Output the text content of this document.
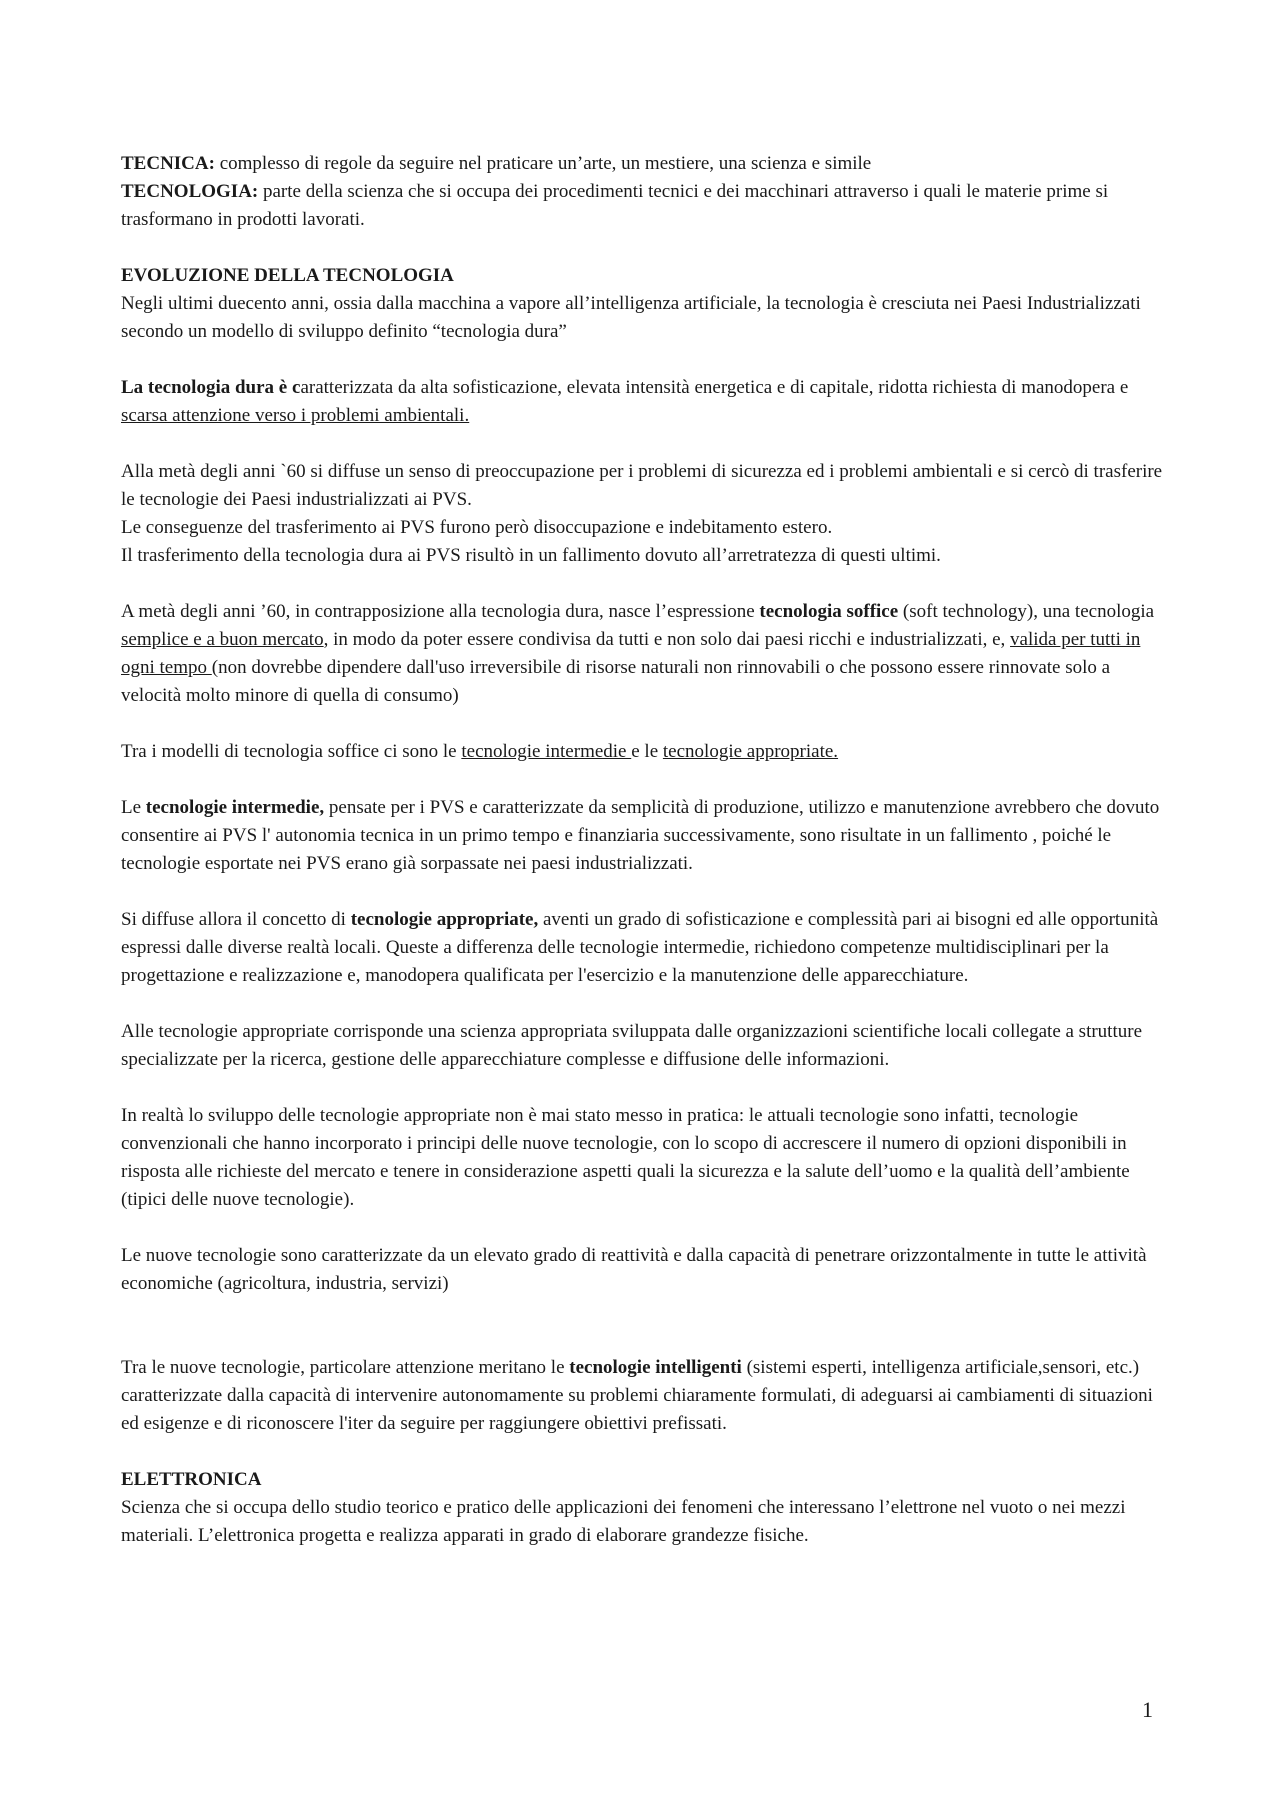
TECNICA: complesso di regole da seguire nel praticare un’arte, un mestiere, una scienza e simile

TECNOLOGIA: parte della scienza che si occupa dei procedimenti tecnici e dei macchinari attraverso i quali le materie prime si trasformano in prodotti lavorati.

EVOLUZIONE DELLA TECNOLOGIA

Negli ultimi duecento anni, ossia dalla macchina a vapore all’intelligenza artificiale, la tecnologia è cresciuta nei Paesi Industrializzati secondo un modello di sviluppo definito “tecnologia dura”

La tecnologia dura è caratterizzata da alta sofisticazione, elevata intensità energetica e di capitale, ridotta richiesta di manodopera e scarsa attenzione verso i problemi ambientali.

Alla metà degli anni `60 si diffuse un senso di preoccupazione per i problemi di sicurezza ed i problemi ambientali e si cercò di trasferire le tecnologie dei Paesi industrializzati ai PVS.

Le conseguenze del trasferimento ai PVS furono però disoccupazione e indebitamento estero.

Il trasferimento della tecnologia dura ai PVS risultò in un fallimento dovuto all’arretratezza di questi ultimi.

A metà degli anni ’60, in contrapposizione alla tecnologia dura, nasce l’espressione tecnologia soffice (soft technology), una tecnologia semplice e a buon mercato, in modo da poter essere condivisa da tutti e non solo dai paesi ricchi e industrializzati, e, valida per tutti in ogni tempo (non dovrebbe dipendere dall'uso irreversibile di risorse naturali non rinnovabili o che possono essere rinnovate solo a velocità molto minore di quella di consumo)

Tra i modelli di tecnologia soffice ci sono le tecnologie intermedie e le tecnologie appropriate.

Le tecnologie intermedie, pensate per i PVS e caratterizzate da semplicità di produzione, utilizzo e manutenzione avrebbero che dovuto consentire ai PVS l' autonomia tecnica in un primo tempo e finanziaria successivamente, sono risultate in un fallimento , poiché le tecnologie esportate nei PVS erano già sorpassate nei paesi industrializzati.

Si diffuse allora il concetto di tecnologie appropriate, aventi un grado di sofisticazione e complessità pari ai bisogni ed alle opportunità espressi dalle diverse realtà locali. Queste a differenza delle tecnologie intermedie, richiedono competenze multidisciplinari per la progettazione e realizzazione e, manodopera qualificata per l'esercizio e la manutenzione delle apparecchiature.

Alle tecnologie appropriate corrisponde una scienza appropriata sviluppata dalle organizzazioni scientifiche locali collegate a strutture specializzate per la ricerca, gestione delle apparecchiature complesse e diffusione delle informazioni.

In realtà lo sviluppo delle tecnologie appropriate non è mai stato messo in pratica: le attuali tecnologie sono infatti, tecnologie convenzionali che hanno incorporato i principi delle nuove tecnologie, con lo scopo di accrescere il numero di opzioni disponibili in risposta alle richieste del mercato e tenere in considerazione aspetti quali la sicurezza e la salute dell’uomo e la qualità dell’ambiente (tipici delle nuove tecnologie).

Le nuove tecnologie sono caratterizzate da un elevato grado di reattività e dalla capacità di penetrare orizzontalmente in tutte le attività economiche (agricoltura, industria, servizi)

Tra le nuove tecnologie, particolare attenzione meritano le tecnologie intelligenti (sistemi esperti, intelligenza artificiale,sensori, etc.) caratterizzate dalla capacità di intervenire autonomamente su problemi chiaramente formulati, di adeguarsi ai cambiamenti di situazioni ed esigenze e di riconoscere l'iter da seguire per raggiungere obiettivi prefissati.

ELETTRONICA

Scienza che si occupa dello studio teorico e pratico delle applicazioni dei fenomeni che interessano l’elettrone nel vuoto o nei mezzi materiali. L’elettronica progetta e realizza apparati in grado di elaborare grandezze fisiche.

1
